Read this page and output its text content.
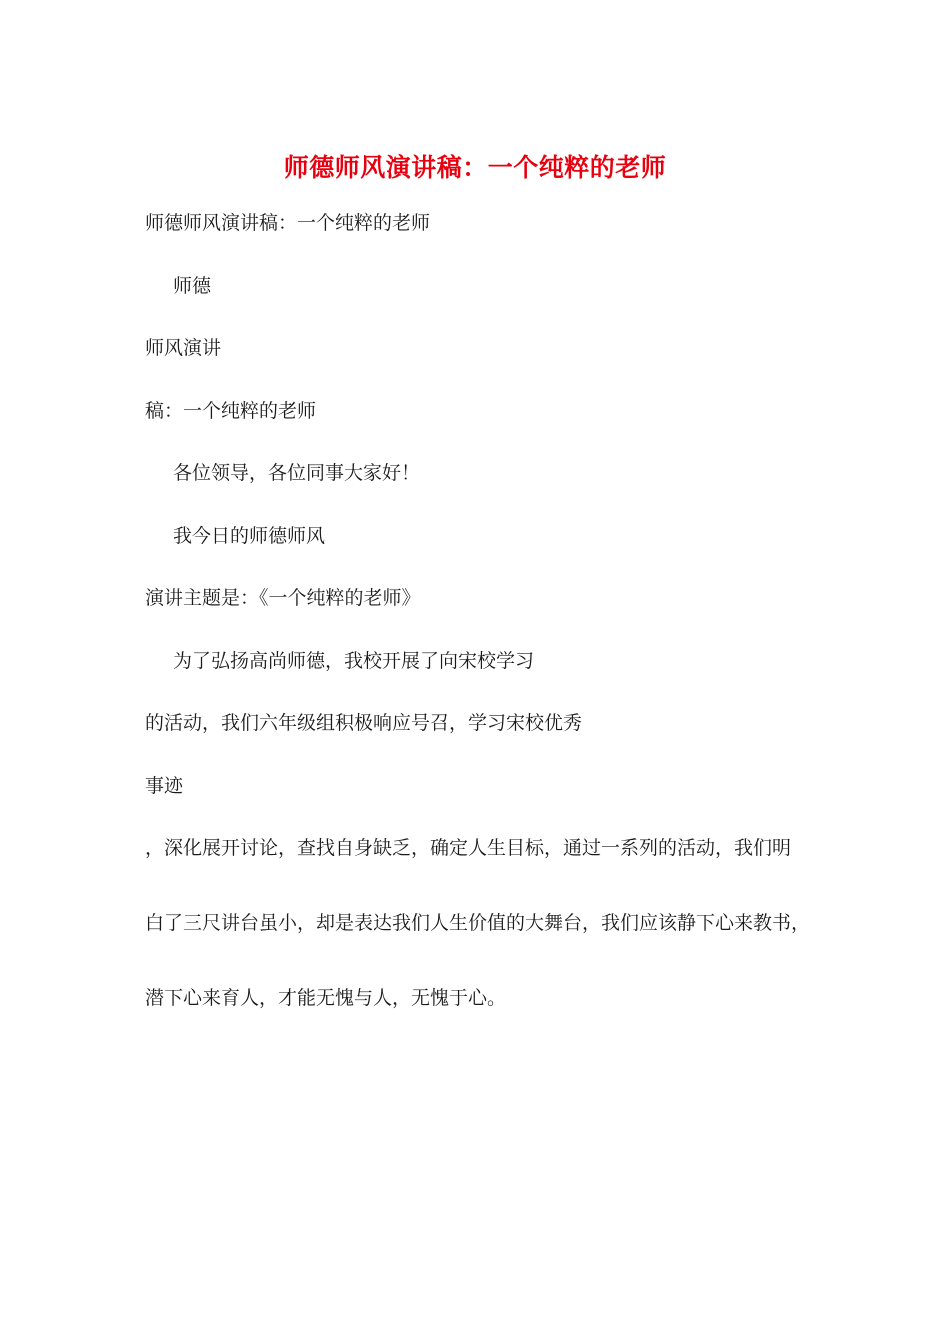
师德师风演讲稿：一个纯粹的老师
师德师风演讲稿：一个纯粹的老师
师德
师风演讲
稿：一个纯粹的老师
各位领导，各位同事大家好！
我今日的师德师风
演讲主题是：《一个纯粹的老师》
为了弘扬高尚师德，我校开展了向宋校学习
的活动，我们六年级组积极响应号召，学习宋校优秀
事迹
，深化展开讨论，查找自身缺乏，确定人生目标，通过一系列的活动，我们明
白了三尺讲台虽小，却是表达我们人生价值的大舞台，我们应该静下心来教书，
潜下心来育人，才能无愧与人，无愧于心。
